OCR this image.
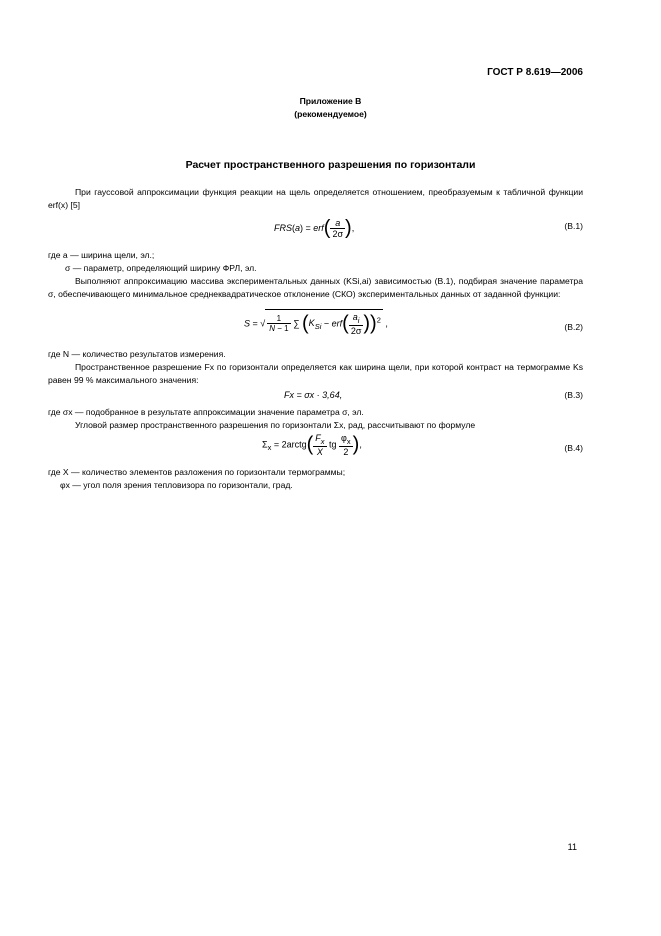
ГОСТ Р 8.619—2006
Приложение В
(рекомендуемое)
Расчет пространственного разрешения по горизонтали
При гауссовой аппроксимации функция реакции на щель определяется отношением, преобразуемым к табличной функции erf(x) [5]
$FRS(a) = erf( \frac{a}{2\sigma}$ ),	(В.1)
где a — ширина щели, эл.;
σ — параметр, определяющий ширину ФРЛ, эл.
Выполняют аппроксимацию массива экспериментальных данных (KSi,ai) зависимостью (В.1), подбирая значение параметра σ, обеспечивающего минимальное среднеквадратическое отклонение (СКО) экспериментальных данных от заданной функции:
S = √ $\frac{1}{N - 1}$ ∑ $(K_{Si} - erf( \frac{a_i}{2\sigma} ))^2$ ,	(В.2)
где N — количество результатов измерения.
Пространственное разрешение Fx по горизонтали определяется как ширина щели, при которой контраст на термограмме Ks равен 99 % максимального значения:
Fx = σx · 3,64,	(В.3)
где σx — подобранное в результате аппроксимации значение параметра σ, эл.
Угловой размер пространственного разрешения по горизонтали Σx, рад, рассчитывают по формуле
$\Sigma_x$ = 2arctg( $\frac{F_x}{X}$ tg $\frac{\varphi_x}{2}$ ),	(В.4)
где X — количество элементов разложения по горизонтали термограммы;
φx — угол поля зрения тепловизора по горизонтали, град.
11
